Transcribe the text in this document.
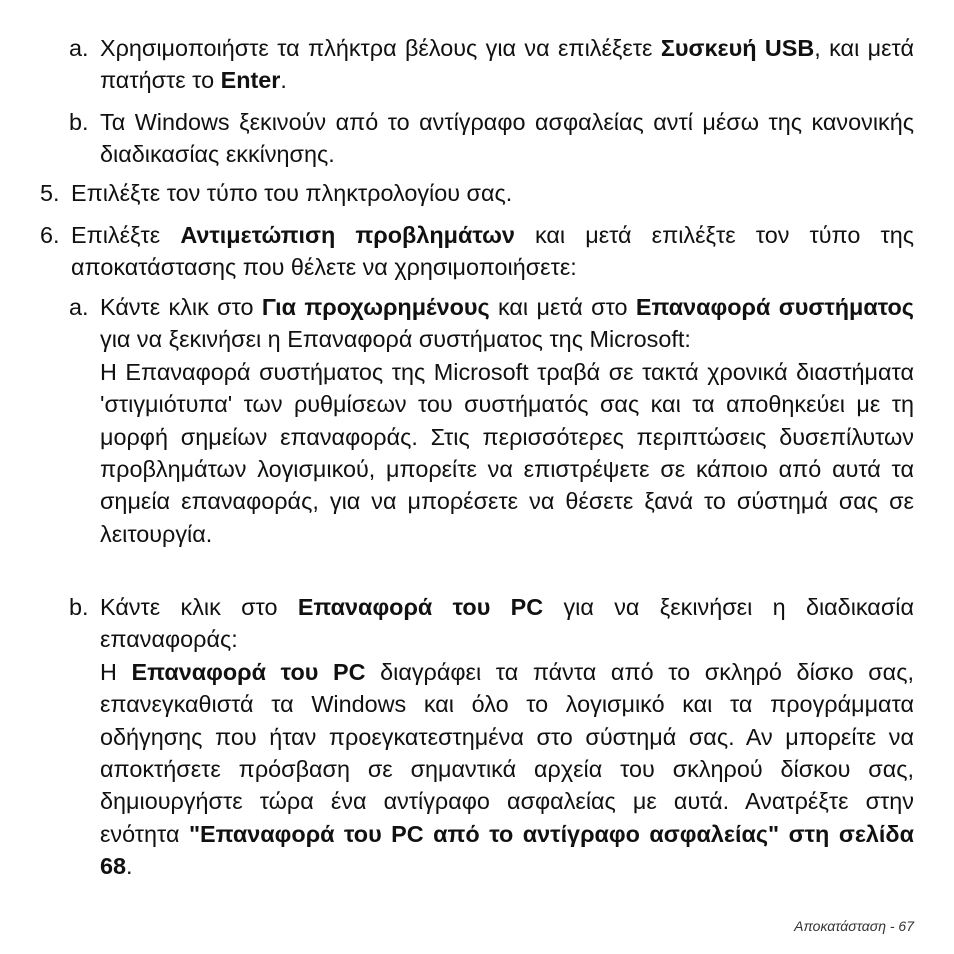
a. Χρησιμοποιήστε τα πλήκτρα βέλους για να επιλέξετε Συσκευή USB, και μετά πατήστε το Enter.

b. Τα Windows ξεκινούν από το αντίγραφο ασφαλείας αντί μέσω της κανονικής διαδικασίας εκκίνησης.

5. Επιλέξτε τον τύπο του πληκτρολογίου σας.

6. Επιλέξτε Αντιμετώπιση προβλημάτων και μετά επιλέξτε τον τύπο της αποκατάστασης που θέλετε να χρησιμοποιήσετε:

a. Κάντε κλικ στο Για προχωρημένους και μετά στο Επαναφορά συστήματος για να ξεκινήσει η Επαναφορά συστήματος της Microsoft:

Η Επαναφορά συστήματος της Microsoft τραβά σε τακτά χρονικά διαστήματα 'στιγμιότυπα' των ρυθμίσεων του συστήματός σας και τα αποθηκεύει με τη μορφή σημείων επαναφοράς. Στις περισσότερες περιπτώσεις δυσεπίλυτων προβλημάτων λογισμικού, μπορείτε να επιστρέψετε σε κάποιο από αυτά τα σημεία επαναφοράς, για να μπορέσετε να θέσετε ξανά το σύστημά σας σε λειτουργία.

b. Κάντε κλικ στο Επαναφορά του PC για να ξεκινήσει η διαδικασία επαναφοράς:

Η Επαναφορά του PC διαγράφει τα πάντα από το σκληρό δίσκο σας, επανεγκαθιστά τα Windows και όλο το λογισμικό και τα προγράμματα οδήγησης που ήταν προεγκατεστημένα στο σύστημά σας. Αν μπορείτε να αποκτήσετε πρόσβαση σε σημαντικά αρχεία του σκληρού δίσκου σας, δημιουργήστε τώρα ένα αντίγραφο ασφαλείας με αυτά. Ανατρέξτε στην ενότητα "Επαναφορά του PC από το αντίγραφο ασφαλείας" στη σελίδα 68.

Αποκατάσταση - 67
